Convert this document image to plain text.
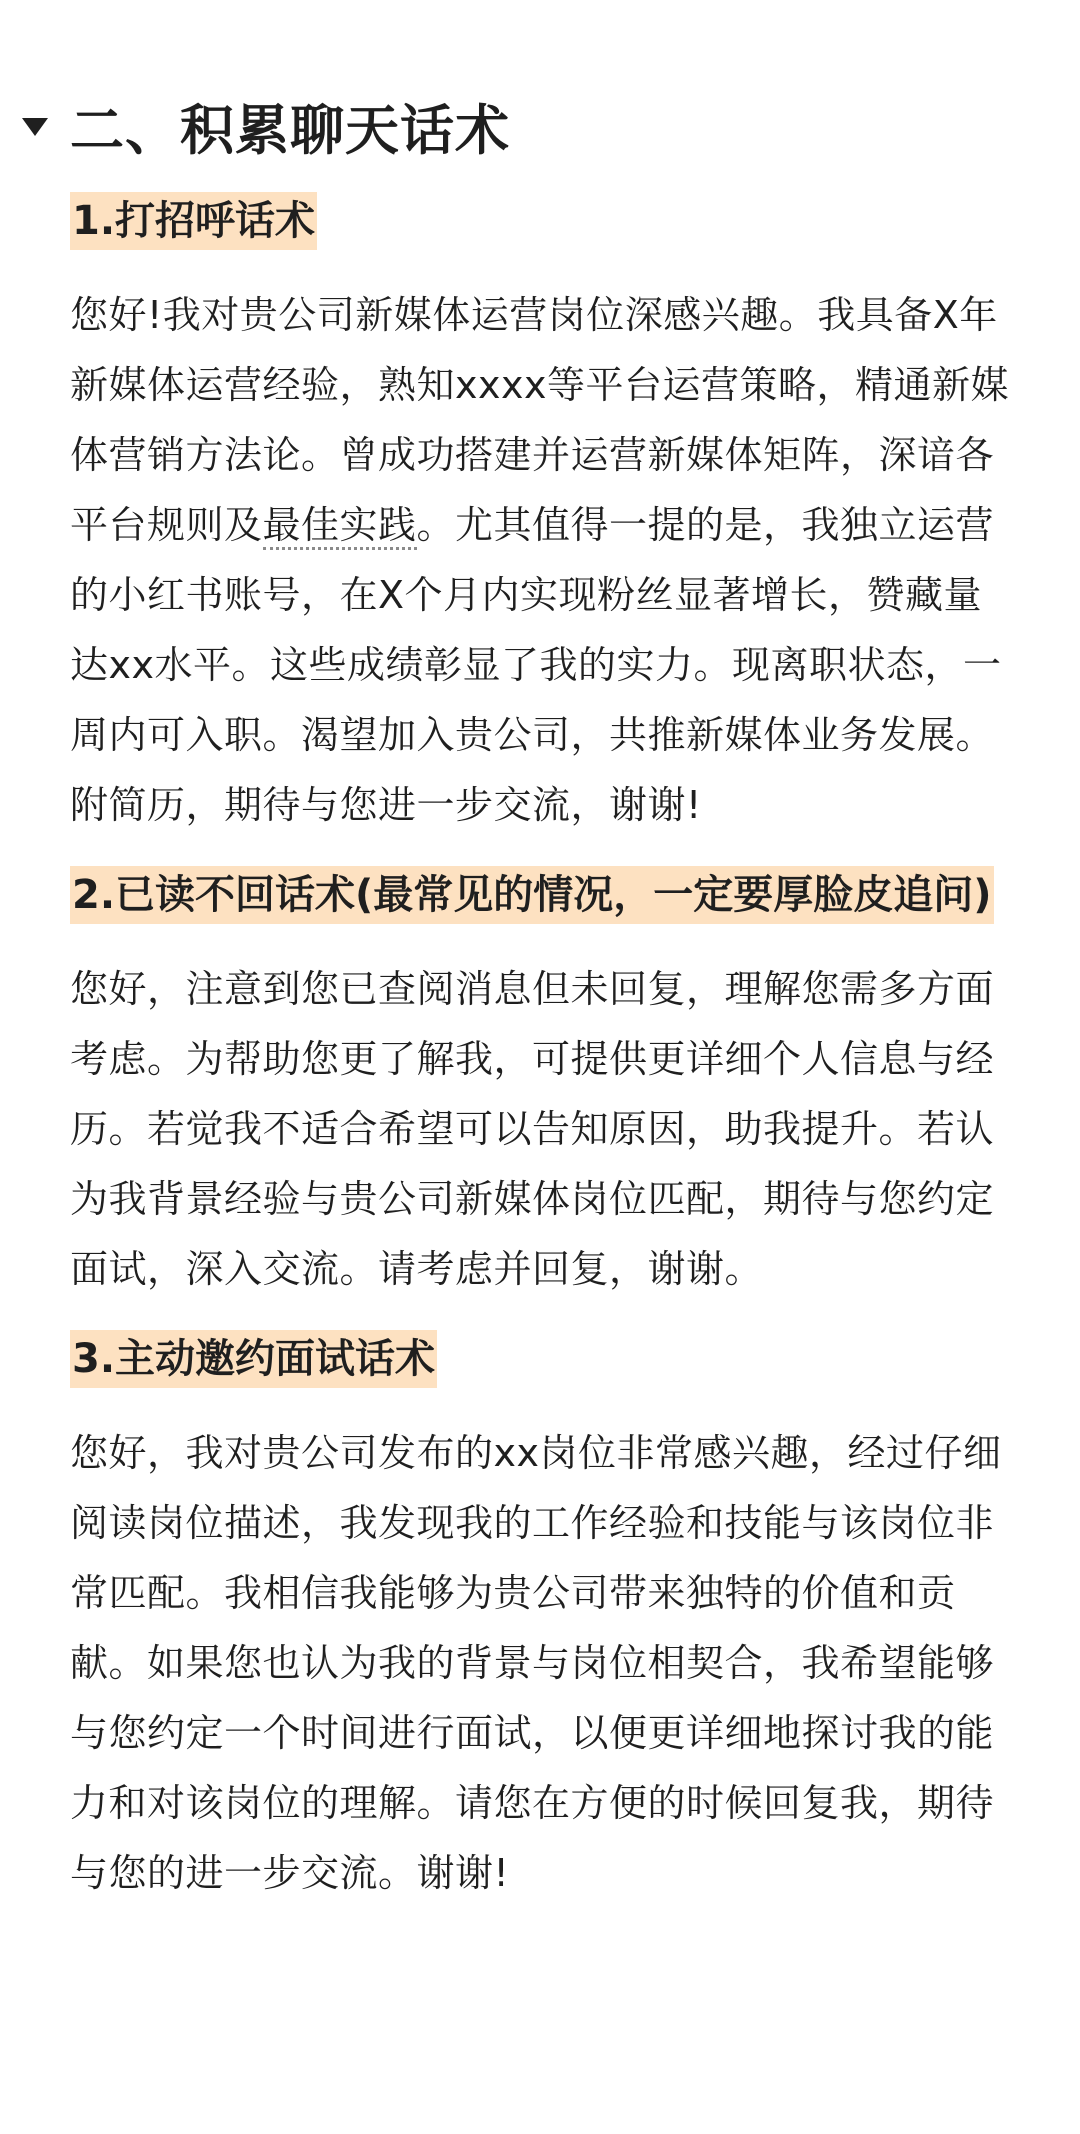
二、积累聊天话术
1.打招呼话术

您好!我对贵公司新媒体运营岗位深感兴趣。我具备X年新媒体运营经验，熟知xxxx等平台运营策略，精通新媒体营销方法论。曾成功搭建并运营新媒体矩阵，深谙各平台规则及最佳实践。尤其值得一提的是，我独立运营的小红书账号，在X个月内实现粉丝显著增长，赞藏量达xx水平。这些成绩彰显了我的实力。现离职状态，一周内可入职。渴望加入贵公司，共推新媒体业务发展。附简历，期待与您进一步交流，谢谢!

2.已读不回话术(最常见的情况，一定要厚脸皮追问)

您好，注意到您已查阅消息但未回复，理解您需多方面考虑。为帮助您更了解我，可提供更详细个人信息与经历。若觉我不适合希望可以告知原因，助我提升。若认为我背景经验与贵公司新媒体岗位匹配，期待与您约定面试，深入交流。请考虑并回复，谢谢。

3.主动邀约面试话术

您好，我对贵公司发布的xx岗位非常感兴趣，经过仔细阅读岗位描述，我发现我的工作经验和技能与该岗位非常匹配。我相信我能够为贵公司带来独特的价值和贡献。如果您也认为我的背景与岗位相契合，我希望能够与您约定一个时间进行面试，以便更详细地探讨我的能力和对该岗位的理解。请您在方便的时候回复我，期待与您的进一步交流。谢谢!
